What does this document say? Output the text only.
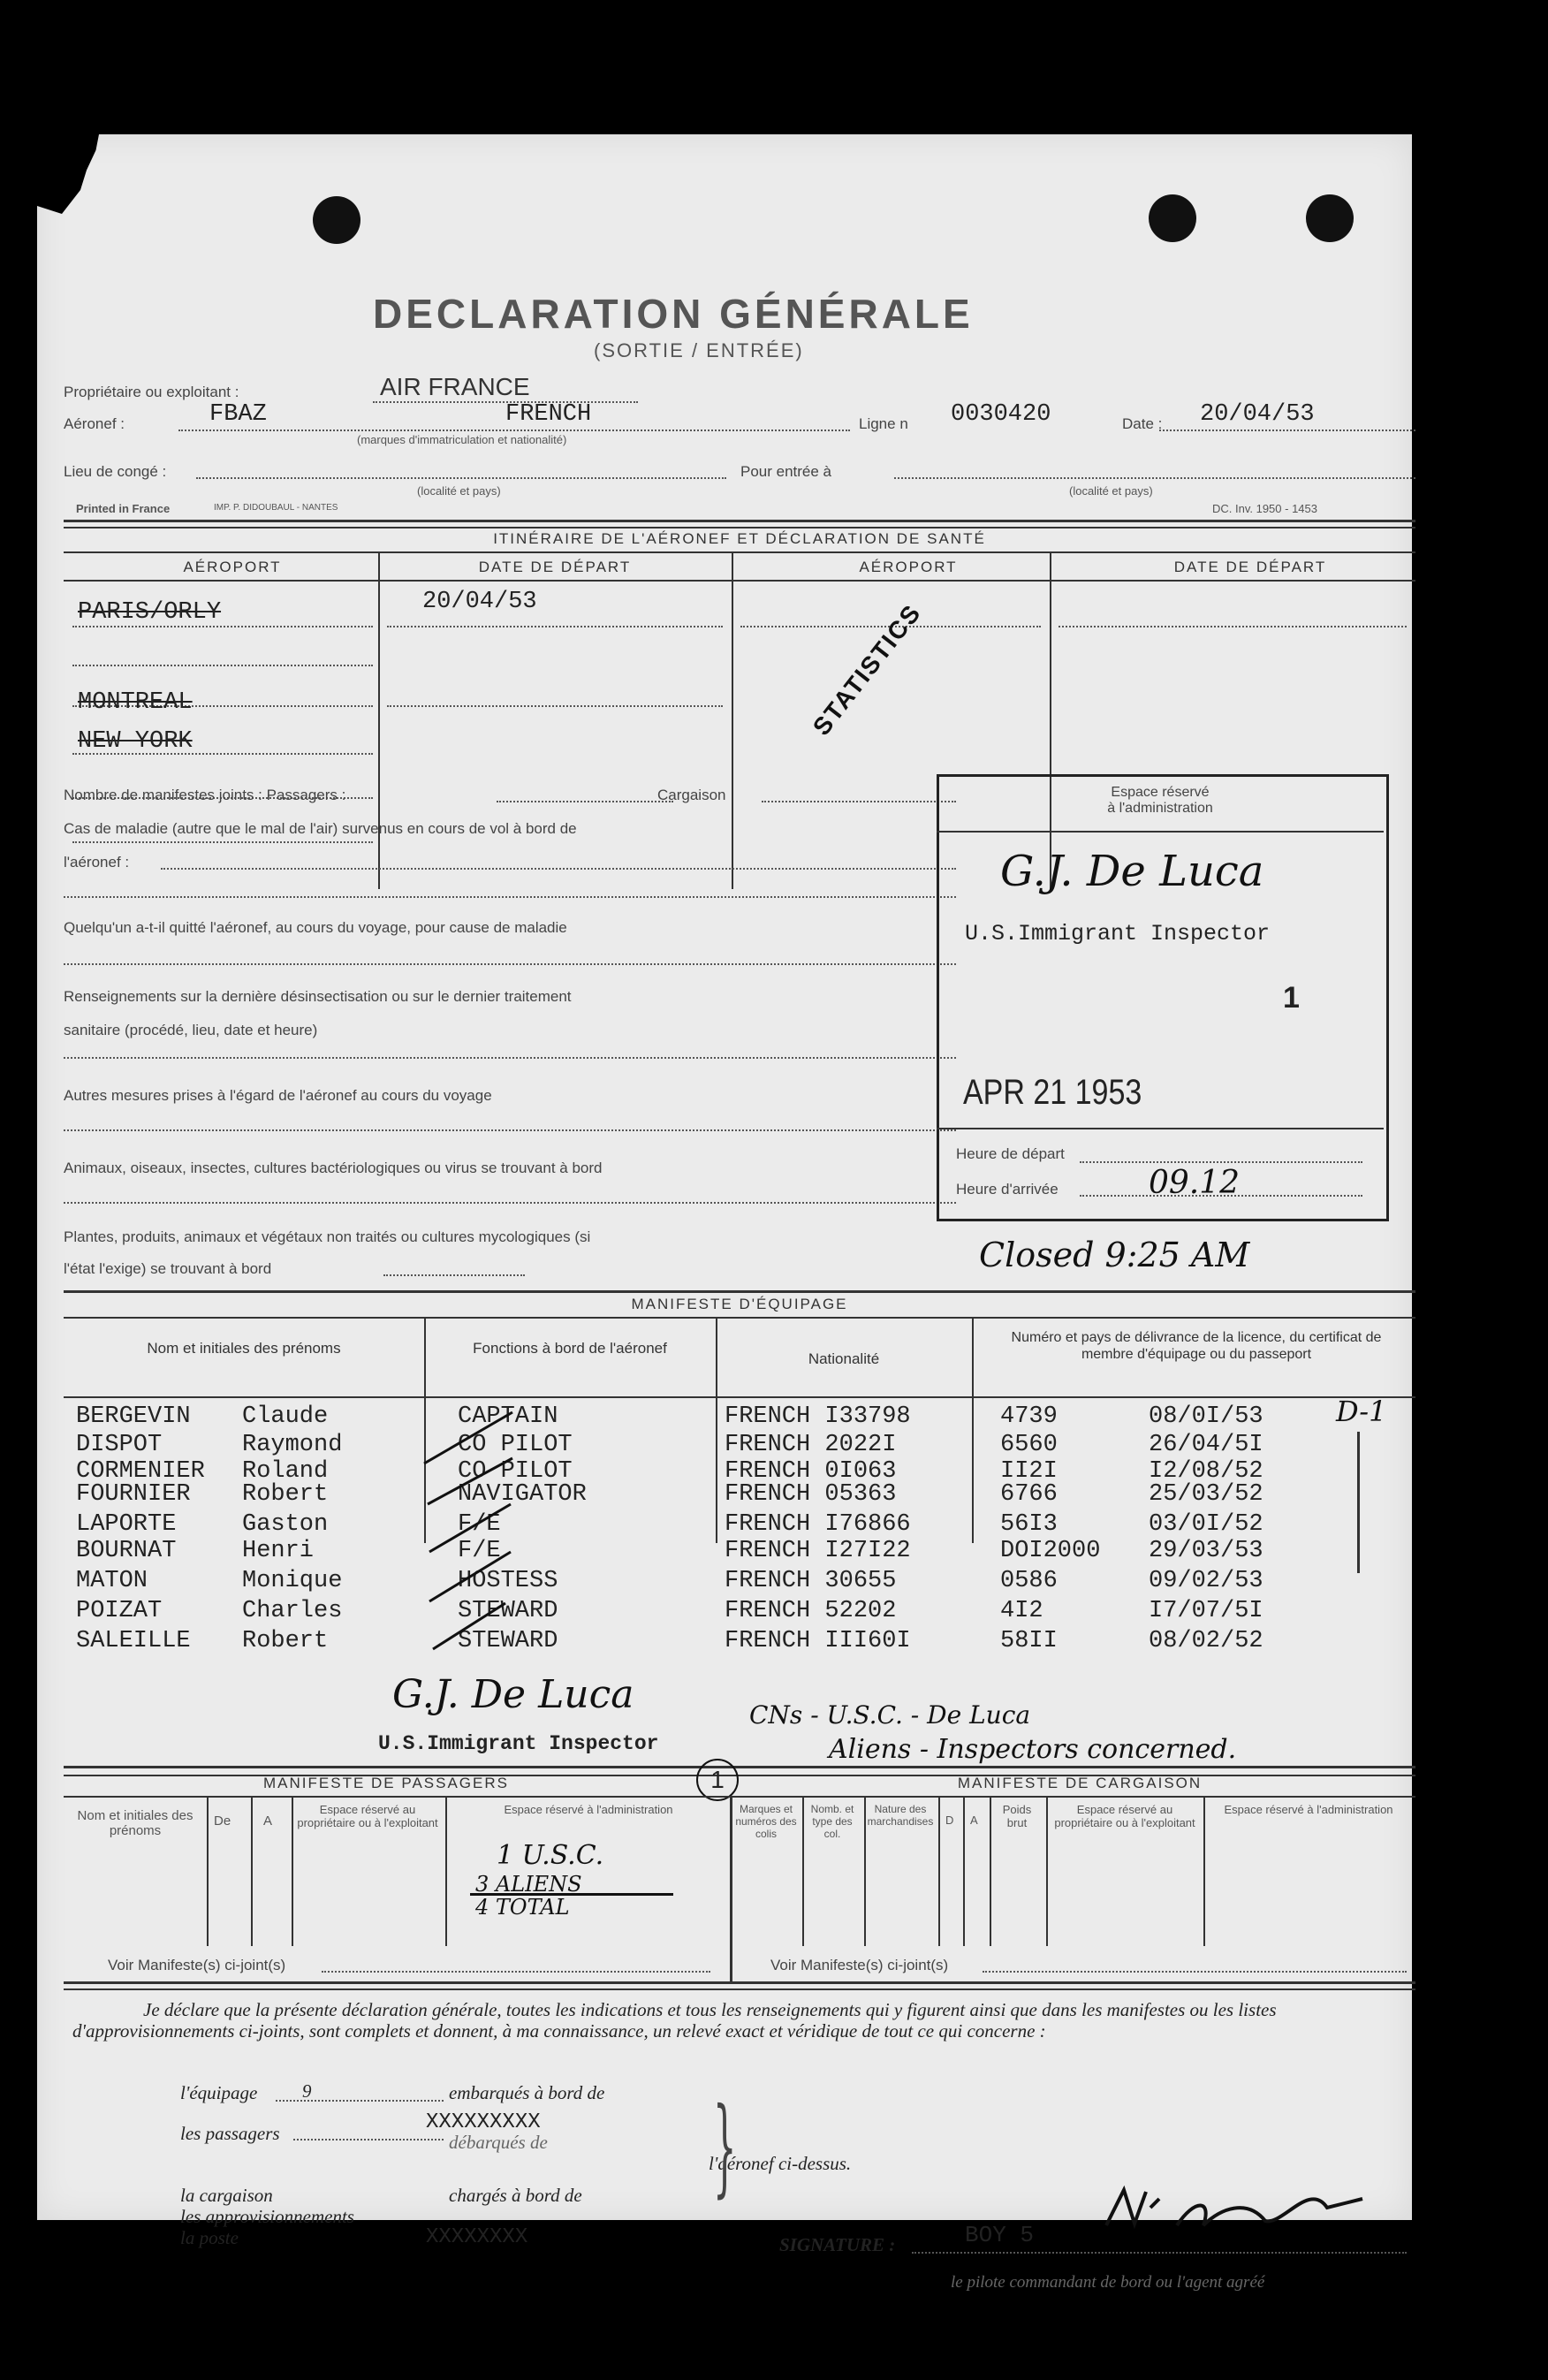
DECLARATION GÉNÉRALE
(SORTIE / ENTRÉE)
Propriétaire ou exploitant :	AIR FRANCE
Aéronef :	FBAZ	FRENCH
(marques d'immatriculation et nationalité)
Ligne n 0030420	Date : 20/04/53
Lieu de congé :	Pour entrée à
(localité et pays)	(localité et pays)
Printed in France	IMP. P. DIDOUBAUL - NANTES	DC. Inv. 1950 - 1453
ITINÉRAIRE DE L'AÉRONEF ET DÉCLARATION DE SANTÉ
AÉROPORT	DATE DE DÉPART	AÉROPORT	DATE DE DÉPART
PARIS/ORLY	20/04/53
MONTREAL
NEW YORK
STATISTICS
Nombre de manifestes joints : Passagers :	Cargaison
Cas de maladie (autre que le mal de l'air) survenus en cours de vol à bord de
l'aéronef :
Quelqu'un a-t-il quitté l'aéronef, au cours du voyage, pour cause de maladie
Renseignements sur la dernière désinsectisation ou sur le dernier traitement
sanitaire (procédé, lieu, date et heure)
Autres mesures prises à l'égard de l'aéronef au cours du voyage
Animaux, oiseaux, insectes, cultures bactériologiques ou virus se trouvant à bord
Plantes, produits, animaux et végétaux non traités ou cultures mycologiques (si
l'état l'exige) se trouvant à bord
Espace réservé
à l'administration
G.J. De Luca
U.S.Immigrant Inspector
1
APR 21 1953
Heure de départ
Heure d'arrivée	09.12
Closed 9:25 AM
MANIFESTE D'ÉQUIPAGE
Nom et initiales des prénoms	Fonctions à bord de l'aéronef
Nationalité
Numéro et pays de délivrance de la licence, du certificat de membre d'équipage ou du passeport
BERGEVIN Claude	CAPTAIN	FRENCH I33798	4739	08/0I/53
DISPOT	Raymond	CO PILOT	FRENCH 2022I	6560	26/04/5I
CORMENIER Roland	CO PILOT	FRENCH 0I063	II2I	I2/08/52
FOURNIER Robert	NAVIGATOR	FRENCH 05363	6766	25/03/52
LAPORTE	Gaston	F/E	FRENCH I76866	56I3	03/0I/52
BOURNAT	Henri	F/E	FRENCH I27I22	DOI2000 29/03/53
MATON	Monique	HOSTESS	FRENCH 30655	0586	09/02/53
POIZAT	Charles	STEWARD	FRENCH 52202	4I2	I7/07/5I
SALEILLE Robert	STEWARD	FRENCH III60I	58II	08/02/52
D-1
G.J. De Luca
U.S.Immigrant Inspector
CNs - U.S.C. - De Luca
Aliens - Inspectors concerned.
MANIFESTE DE PASSAGERS	MANIFESTE DE CARGAISON
1
Nom et initiales des prénoms
De A
Espace réservé au propriétaire ou à l'exploitant
Espace réservé à l'administration
1 U.S.C.
3 ALIENS
4 TOTAL
Voir Manifeste(s) ci-joint(s)
Marques et numéros des colis
Nomb. et type des col.
Nature des marchandises D A
Poids brut
Espace réservé au propriétaire ou à l'exploitant
Espace réservé à l'administration
Voir Manifeste(s) ci-joint(s)
Je déclare que la présente déclaration générale, toutes les indications et tous les renseignements qui y figurent ainsi que dans les manifestes ou les listes d'approvisionnements ci-joints, sont complets et donnent, à ma connaissance, un relevé exact et véridique de tout ce qui concerne :
l'équipage 9	embarqués à bord de
les passagers	XXXXXXXXX
débarqués de
l'aéronef ci-dessus.
}
la cargaison
les approvisionnements
la poste
chargés à bord de
XXXXXXXX	SIGNATURE :	BOY 5
le pilote commandant de bord ou l'agent agréé
